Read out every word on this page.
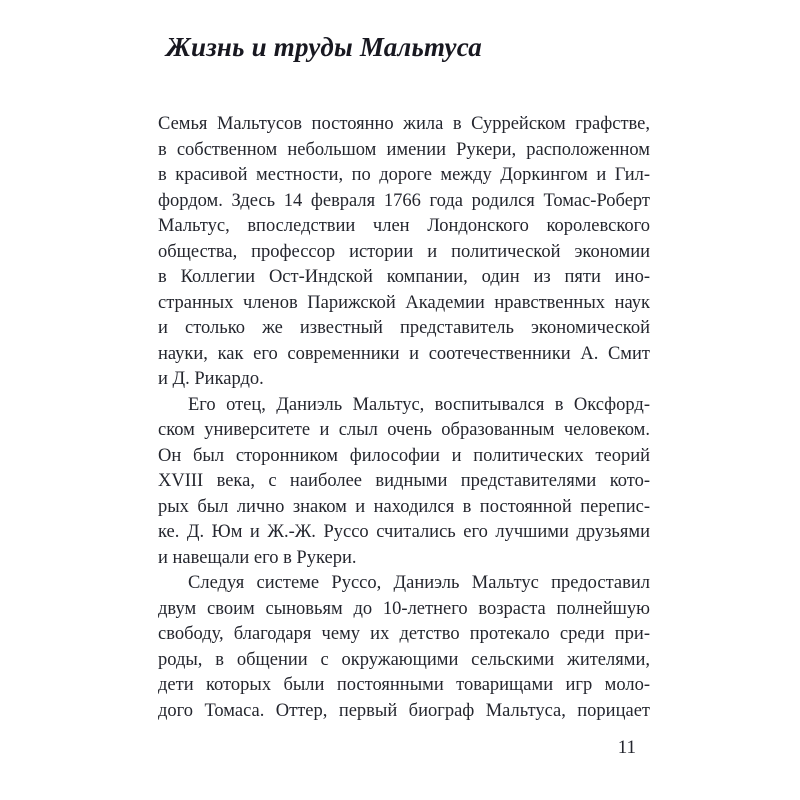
Жизнь и труды Мальтуса
Семья Мальтусов постоянно жила в Суррейском графстве,
в собственном небольшом имении Рукери, расположенном
в красивой местности, по дороге между Доркингом и Гил-
фордом. Здесь 14 февраля 1766 года родился Томас-Роберт
Мальтус, впоследствии член Лондонского королевского
общества, профессор истории и политической экономии
в Коллегии Ост-Индской компании, один из пяти ино-
странных членов Парижской Академии нравственных наук
и столько же известный представитель экономической
науки, как его современники и соотечественники А. Смит
и Д. Рикардо.
Его отец, Даниэль Мальтус, воспитывался в Оксфорд-
ском университете и слыл очень образованным человеком.
Он был сторонником философии и политических теорий
XVIII века, с наиболее видными представителями кото-
рых был лично знаком и находился в постоянной перепис-
ке. Д. Юм и Ж.-Ж. Руссо считались его лучшими друзьями
и навещали его в Рукери.
Следуя системе Руссо, Даниэль Мальтус предоставил
двум своим сыновьям до 10-летнего возраста полнейшую
свободу, благодаря чему их детство протекало среди при-
роды, в общении с окружающими сельскими жителями,
дети которых были постоянными товарищами игр моло-
дого Томаса. Оттер, первый биограф Мальтуса, порицает
11
